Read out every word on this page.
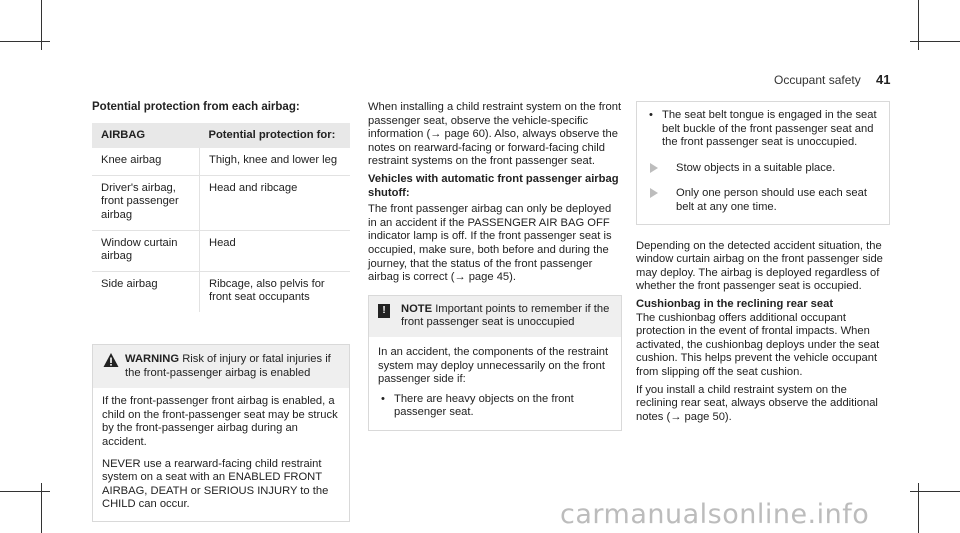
Occupant safety 41
Potential protection from each airbag:
AIRBAG	Potential protection for:
Knee airbag	Thigh, knee and lower leg
Driver's airbag, front passenger airbag	Head and ribcage
Window curtain airbag	Head
Side airbag	Ribcage, also pelvis for front seat occupants
WARNING Risk of injury or fatal injuries if the front-passenger airbag is enabled

If the front-passenger front airbag is enabled, a child on the front-passenger seat may be struck by the front-passenger airbag during an accident.

NEVER use a rearward-facing child restraint system on a seat with an ENABLED FRONT AIRBAG, DEATH or SERIOUS INJURY to the CHILD can occur.

When installing a child restraint system on the front passenger seat, observe the vehicle-specific information (→ page 60). Also, always observe the notes on rearward-facing or forward-facing child restraint systems on the front passenger seat.

Vehicles with automatic front passenger airbag shutoff:

The front passenger airbag can only be deployed in an accident if the PASSENGER AIR BAG OFF indicator lamp is off. If the front passenger seat is occupied, make sure, both before and during the journey, that the status of the front passenger airbag is correct (→ page 45).

!	NOTE Important points to remember if the front passenger seat is unoccupied

In an accident, the components of the restraint system may deploy unnecessarily on the front passenger side if:

• There are heavy objects on the front passenger seat.
• The seat belt tongue is engaged in the seat belt buckle of the front passenger seat and the front passenger seat is unoccupied.
Stow objects in a suitable place.
Only one person should use each seat belt at any one time.

Depending on the detected accident situation, the window curtain airbag on the front passenger side may deploy. The airbag is deployed regardless of whether the front passenger seat is occupied.

Cushionbag in the reclining rear seat

The cushionbag offers additional occupant protection in the event of frontal impacts. When activated, the cushionbag deploys under the seat cushion. This helps prevent the vehicle occupant from slipping off the seat cushion.

If you install a child restraint system on the reclining rear seat, always observe the additional notes (→ page 50).

carmanualsonline.info
